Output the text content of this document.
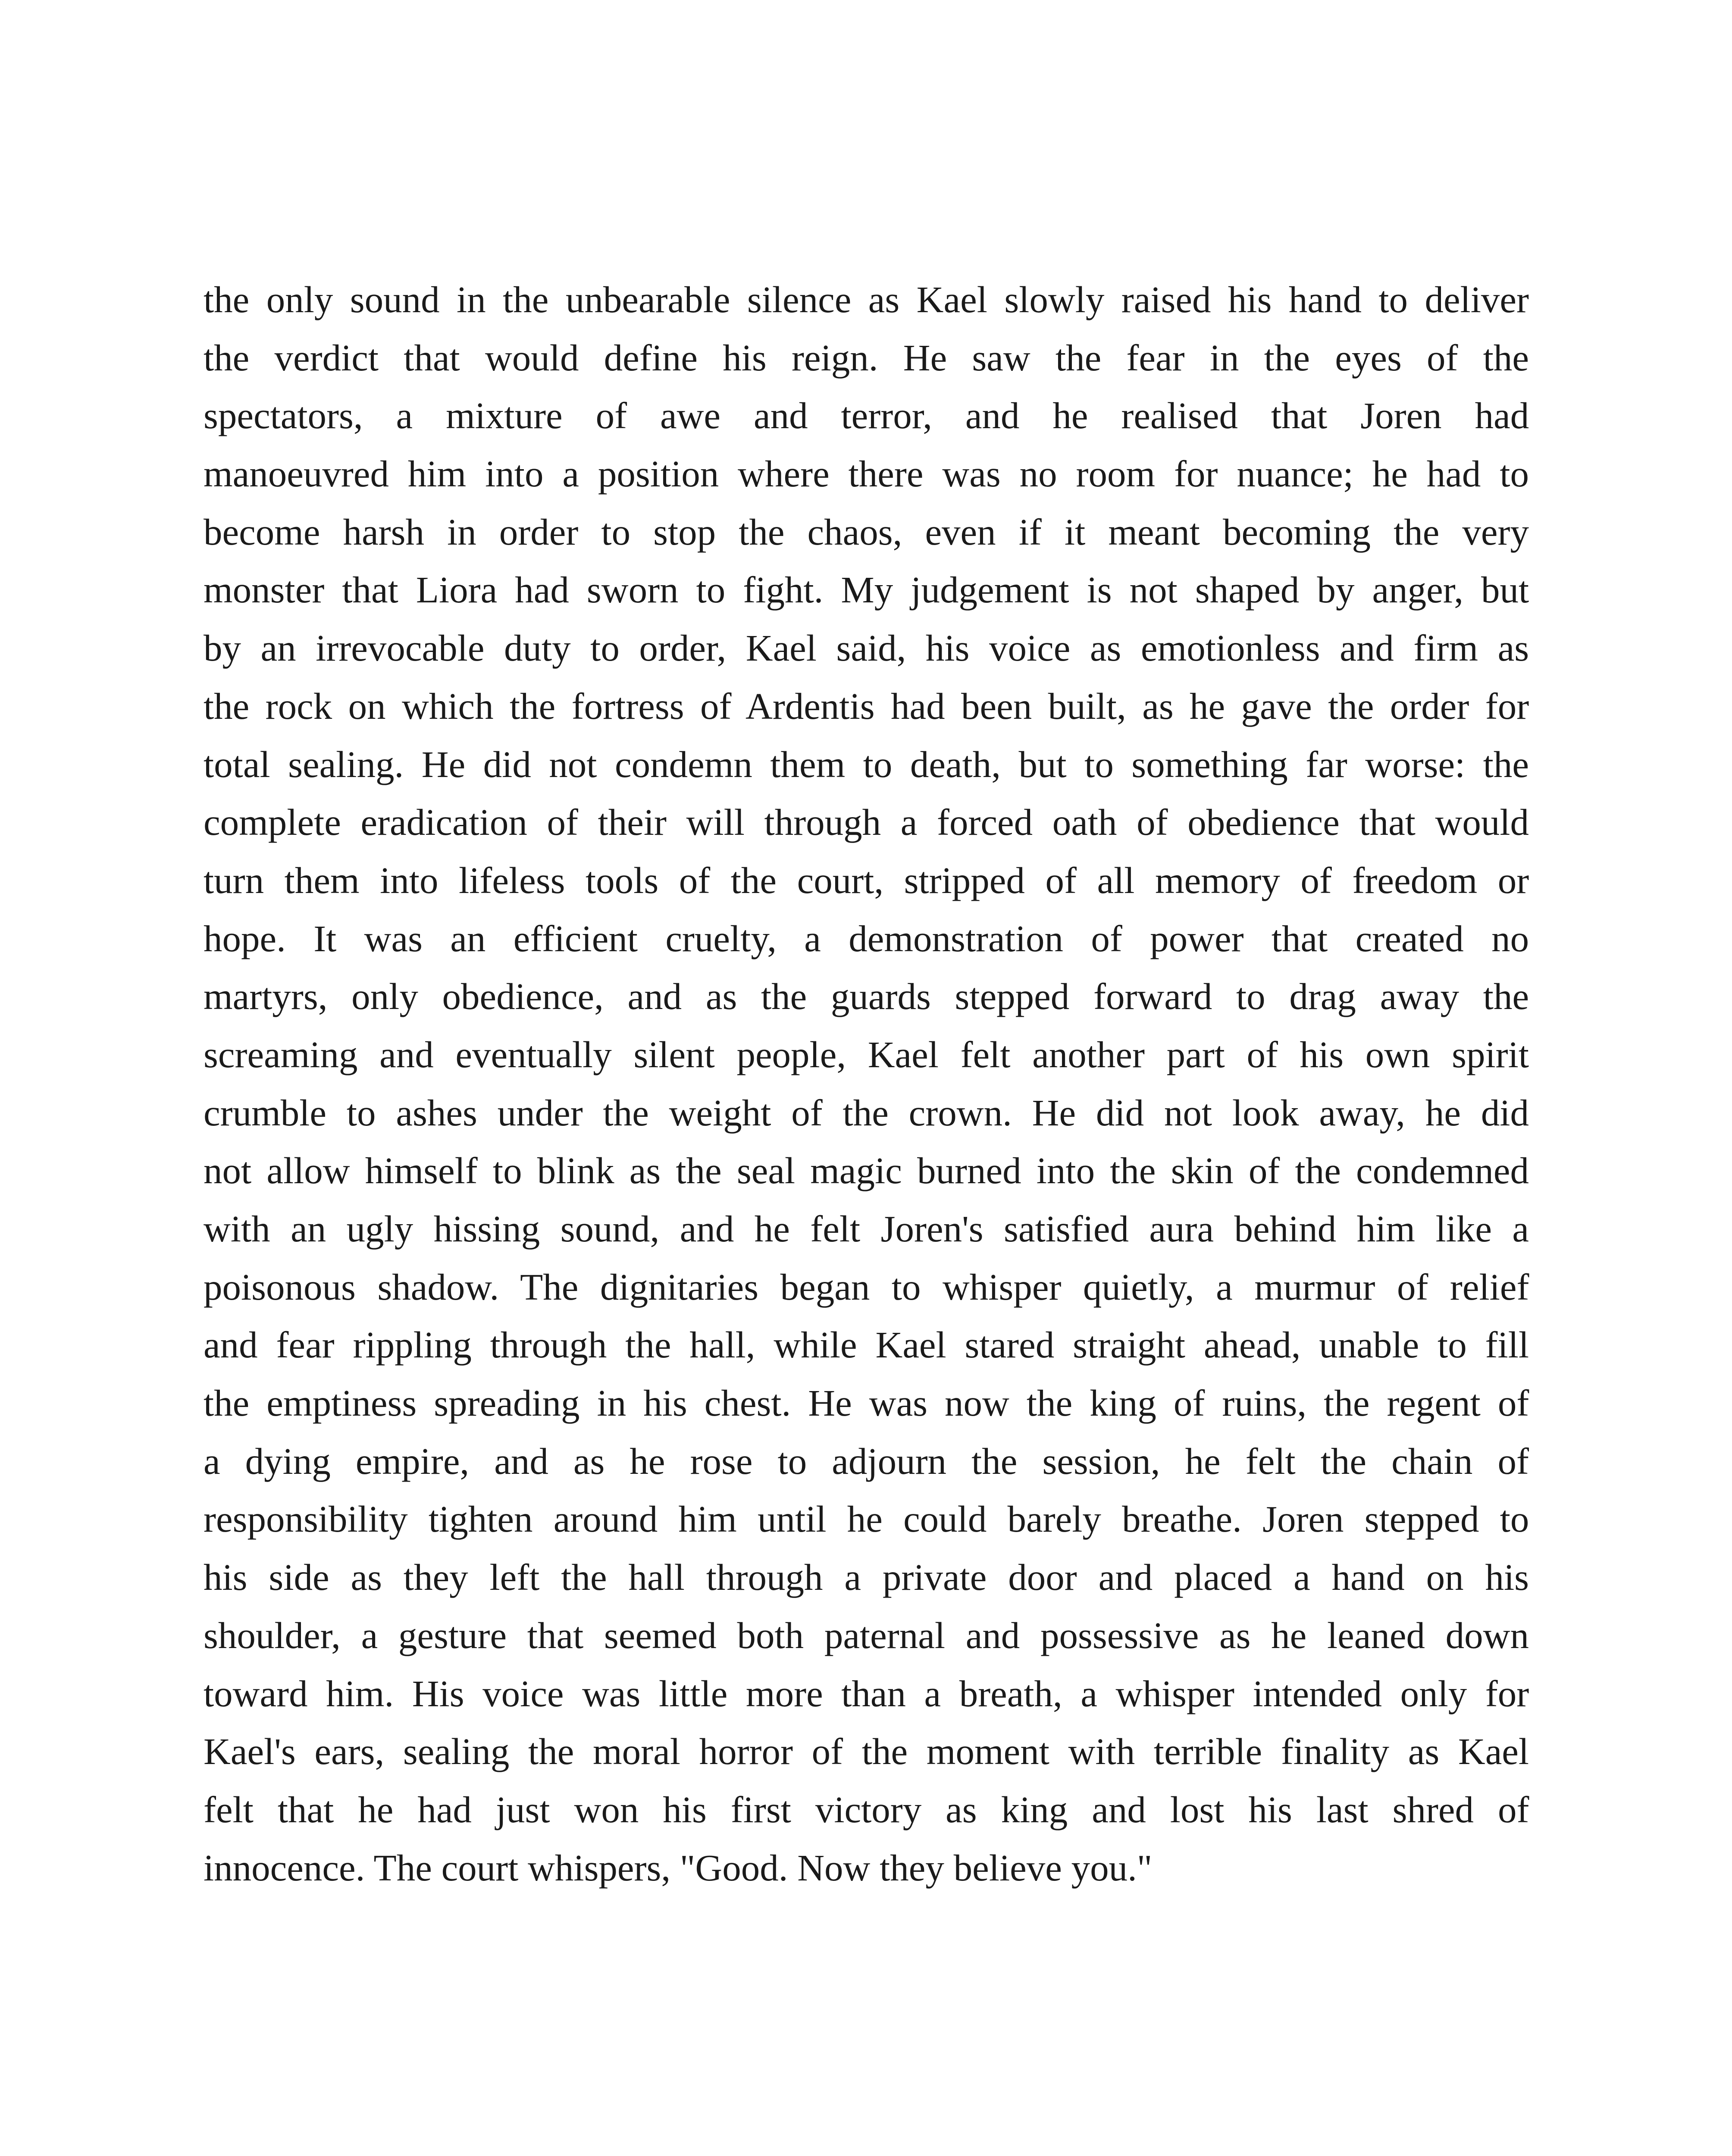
the only sound in the unbearable silence as Kael slowly raised his hand to deliver
the verdict that would define his reign. He saw the fear in the eyes of the
spectators, a mixture of awe and terror, and he realised that Joren had
manoeuvred him into a position where there was no room for nuance; he had to
become harsh in order to stop the chaos, even if it meant becoming the very
monster that Liora had sworn to fight. My judgement is not shaped by anger, but
by an irrevocable duty to order, Kael said, his voice as emotionless and firm as
the rock on which the fortress of Ardentis had been built, as he gave the order for
total sealing. He did not condemn them to death, but to something far worse: the
complete eradication of their will through a forced oath of obedience that would
turn them into lifeless tools of the court, stripped of all memory of freedom or
hope. It was an efficient cruelty, a demonstration of power that created no
martyrs, only obedience, and as the guards stepped forward to drag away the
screaming and eventually silent people, Kael felt another part of his own spirit
crumble to ashes under the weight of the crown. He did not look away, he did
not allow himself to blink as the seal magic burned into the skin of the condemned
with an ugly hissing sound, and he felt Joren's satisfied aura behind him like a
poisonous shadow. The dignitaries began to whisper quietly, a murmur of relief
and fear rippling through the hall, while Kael stared straight ahead, unable to fill
the emptiness spreading in his chest. He was now the king of ruins, the regent of
a dying empire, and as he rose to adjourn the session, he felt the chain of
responsibility tighten around him until he could barely breathe. Joren stepped to
his side as they left the hall through a private door and placed a hand on his
shoulder, a gesture that seemed both paternal and possessive as he leaned down
toward him. His voice was little more than a breath, a whisper intended only for
Kael's ears, sealing the moral horror of the moment with terrible finality as Kael
felt that he had just won his first victory as king and lost his last shred of
innocence. The court whispers, "Good. Now they believe you."
